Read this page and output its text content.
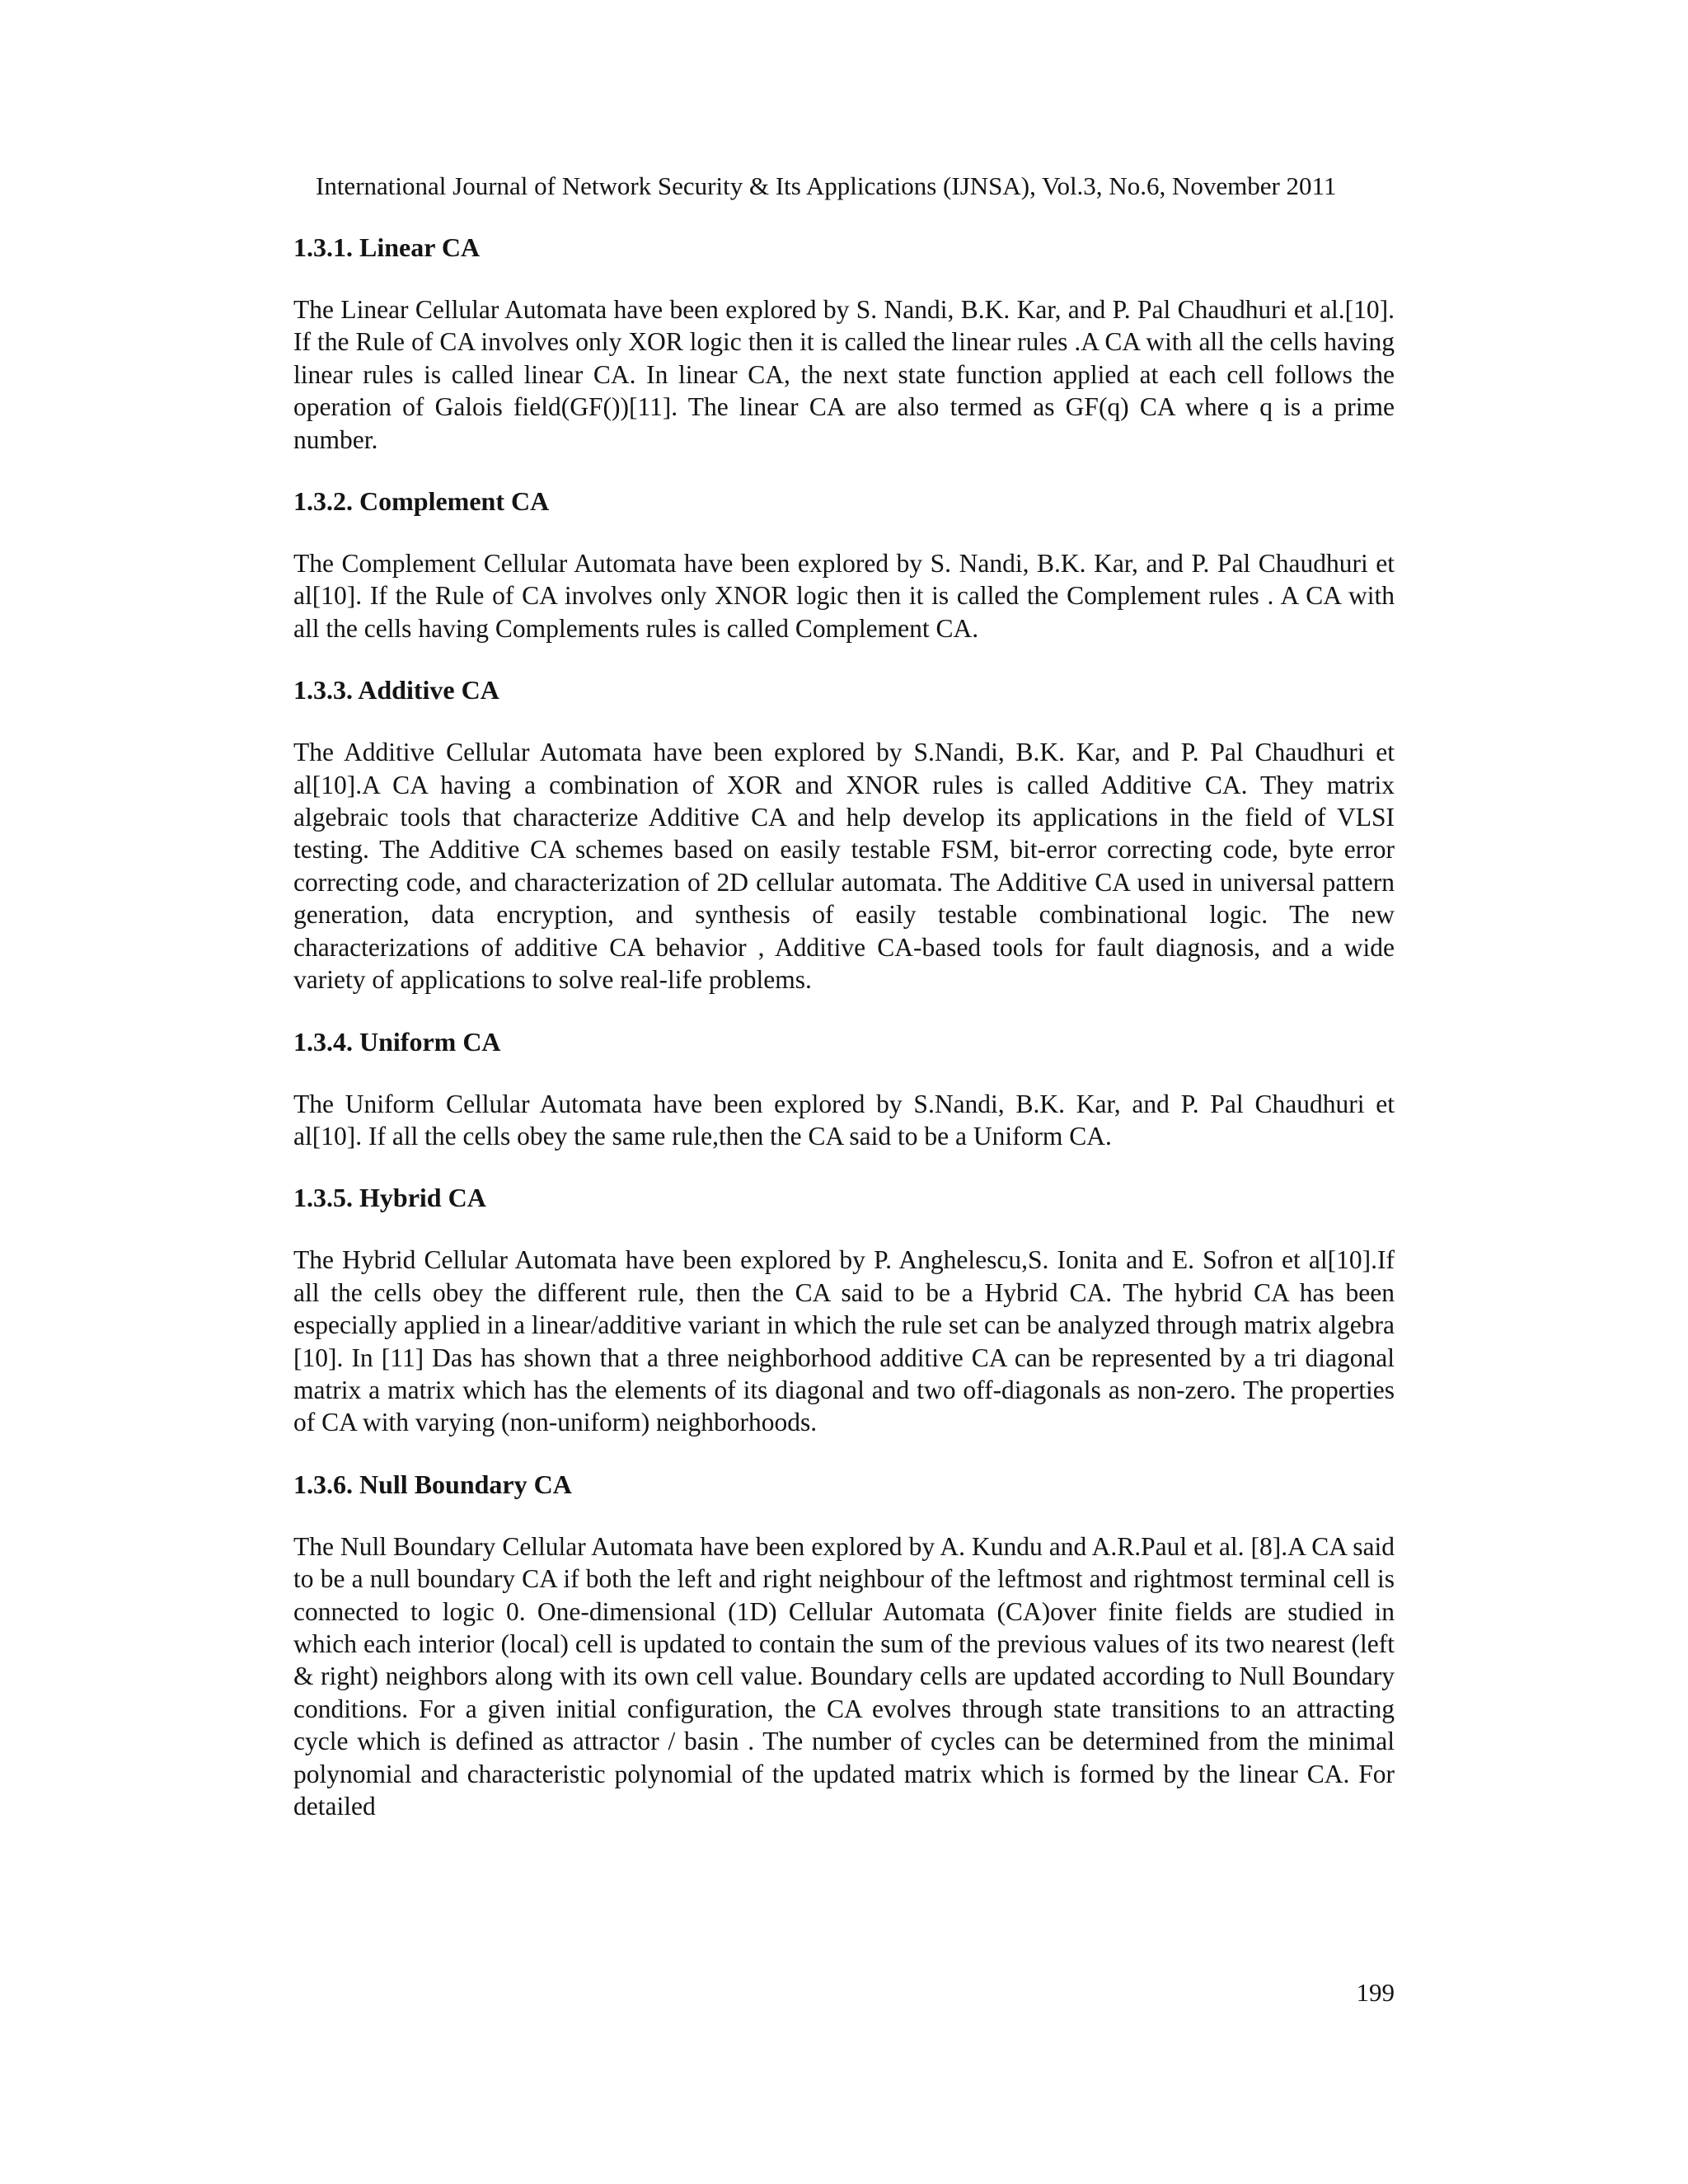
International Journal of Network Security & Its Applications (IJNSA), Vol.3, No.6, November 2011
1.3.1. Linear CA

The Linear Cellular Automata have been explored by S. Nandi, B.K. Kar, and P. Pal Chaudhuri et al.[10]. If the Rule of CA involves only XOR logic then it is called the linear rules .A CA with all the cells having linear rules is called linear CA. In linear CA, the next state function applied at each cell follows the operation of Galois field(GF())[11]. The linear CA are also termed as GF(q) CA where q is a prime number.

1.3.2. Complement CA

The Complement Cellular Automata have been explored by S. Nandi, B.K. Kar, and P. Pal Chaudhuri et al[10]. If the Rule of CA involves only XNOR logic then it is called the Complement rules . A CA with all the cells having Complements rules is called Complement CA.

1.3.3. Additive CA

The Additive Cellular Automata have been explored by S.Nandi, B.K. Kar, and P. Pal Chaudhuri et al[10].A CA having a combination of XOR and XNOR rules is called Additive CA. They matrix algebraic tools that characterize Additive CA and help develop its applications in the field of VLSI testing. The Additive CA schemes based on easily testable FSM, bit-error correcting code, byte error correcting code, and characterization of 2D cellular automata. The Additive CA used in universal pattern generation, data encryption, and synthesis of easily testable combinational logic. The new characterizations of additive CA behavior , Additive CA-based tools for fault diagnosis, and a wide variety of applications to solve real-life problems.

1.3.4. Uniform CA

The Uniform Cellular Automata have been explored by S.Nandi, B.K. Kar, and P. Pal Chaudhuri et al[10]. If all the cells obey the same rule,then the CA said to be a Uniform CA.

1.3.5. Hybrid CA

The Hybrid Cellular Automata have been explored by P. Anghelescu,S. Ionita and E. Sofron et al[10].If all the cells obey the different rule, then the CA said to be a Hybrid CA. The hybrid CA has been especially applied in a linear/additive variant in which the rule set can be analyzed through matrix algebra [10]. In [11] Das has shown that a three neighborhood additive CA can be represented by a tri diagonal matrix a matrix which has the elements of its diagonal and two off-diagonals as non-zero. The properties of CA with varying (non-uniform) neighborhoods.

1.3.6. Null Boundary CA

The Null Boundary Cellular Automata have been explored by A. Kundu and A.R.Paul et al. [8].A CA said to be a null boundary CA if both the left and right neighbour of the leftmost and rightmost terminal cell is connected to logic 0. One-dimensional (1D) Cellular Automata (CA)over finite fields are studied in which each interior (local) cell is updated to contain the sum of the previous values of its two nearest (left & right) neighbors along with its own cell value. Boundary cells are updated according to Null Boundary conditions. For a given initial configuration, the CA evolves through state transitions to an attracting cycle which is defined as attractor / basin . The number of cycles can be determined from the minimal polynomial and characteristic polynomial of the updated matrix which is formed by the linear CA. For detailed

199
